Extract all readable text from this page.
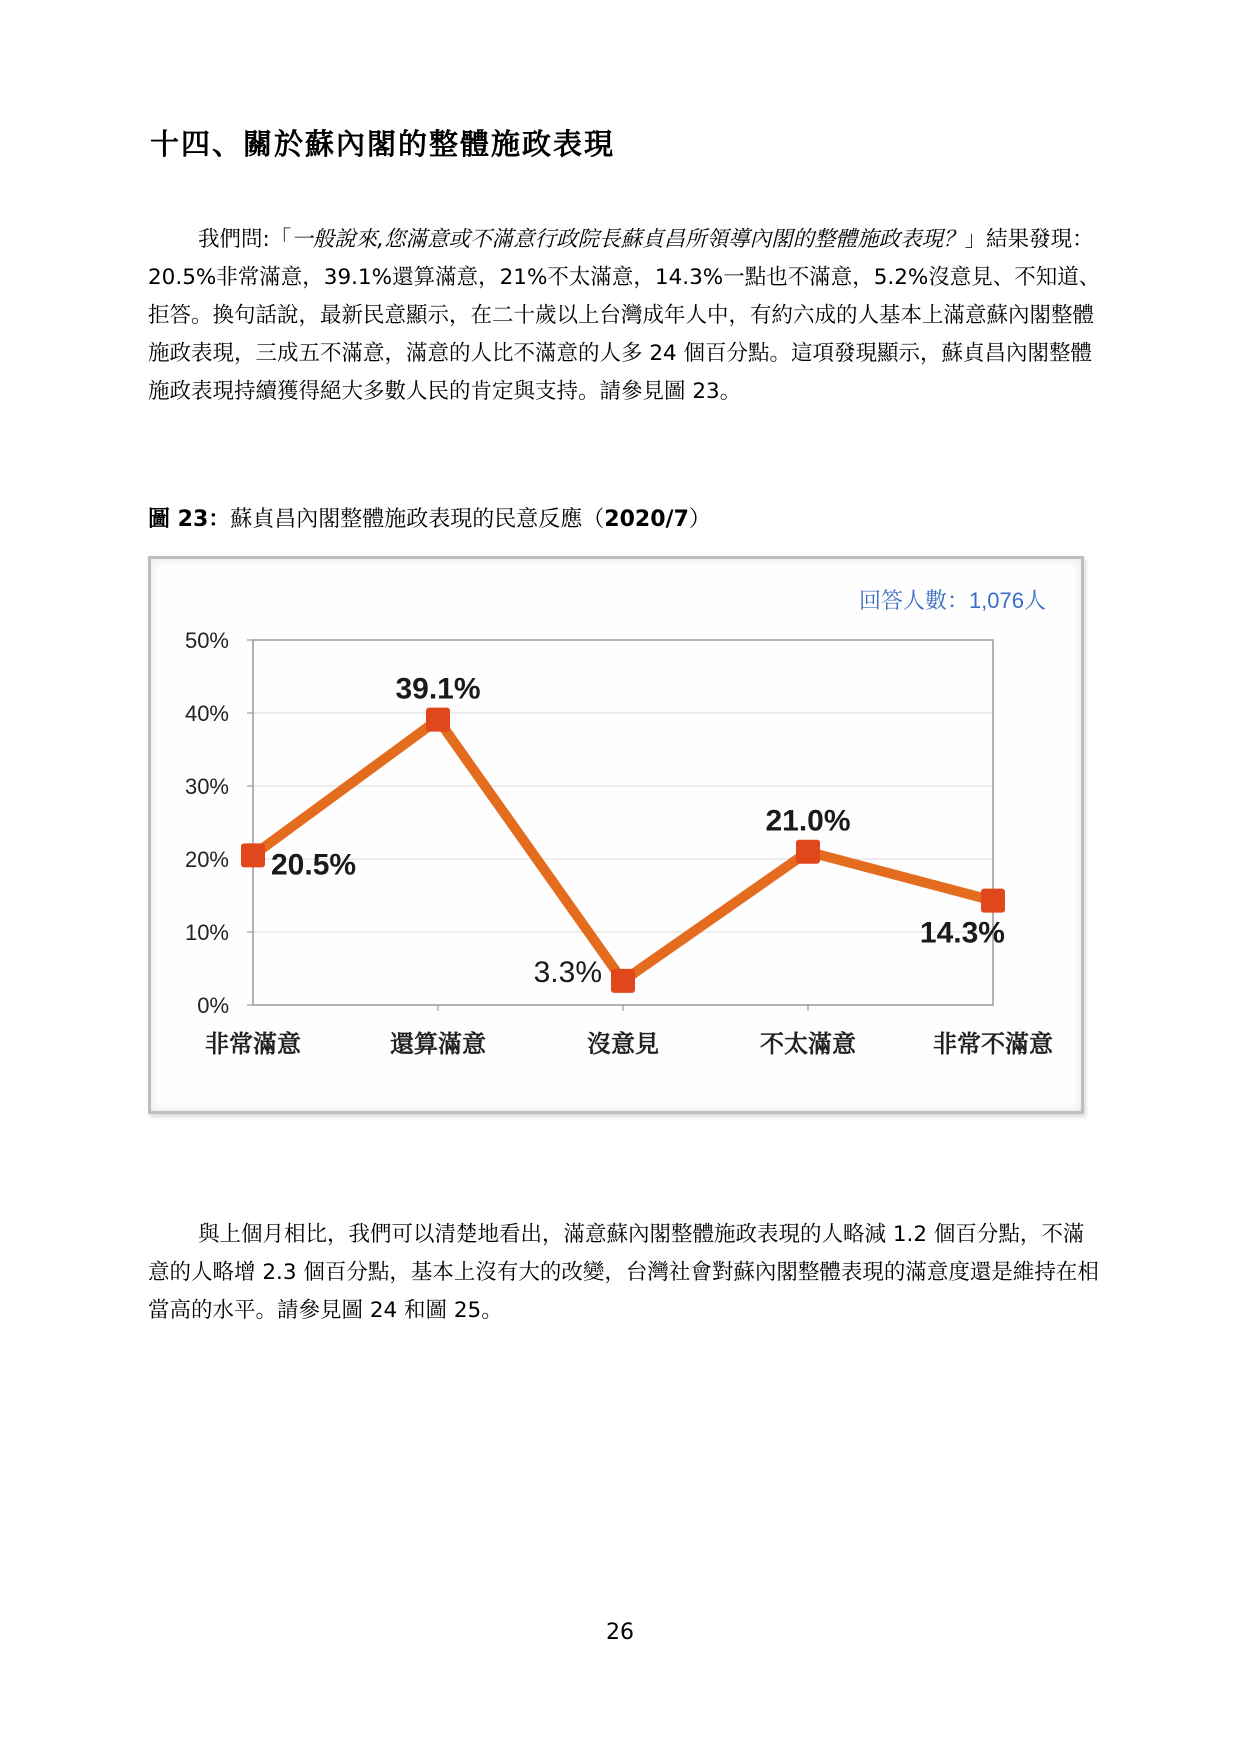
十四、關於蘇內閣的整體施政表現

我們問:「一般說來,您滿意或不滿意行政院長蘇貞昌所領導內閣的整體施政表現？」結果發現：20.5%非常滿意，39.1%還算滿意，21%不太滿意，14.3%一點也不滿意，5.2%沒意見、不知道、拒答。換句話說，最新民意顯示，在二十歲以上台灣成年人中，有約六成的人基本上滿意蘇內閣整體施政表現，三成五不滿意，滿意的人比不滿意的人多 24 個百分點。這項發現顯示，蘇貞昌內閣整體施政表現持續獲得絕大多數人民的肯定與支持。請參見圖 23。

圖 23：蘇貞昌內閣整體施政表現的民意反應（2020/7）

0%
10%
20%
30%
40%
50%
非常滿意	還算滿意	沒意見	不太滿意	非常不滿意
20.5%
39.1%
3.3%
21.0%
14.3%
回答人數：1,076人

與上個月相比，我們可以清楚地看出，滿意蘇內閣整體施政表現的人略減 1.2 個百分點，不滿意的人略增 2.3 個百分點，基本上沒有大的改變，台灣社會對蘇內閣整體表現的滿意度還是維持在相當高的水平。請參見圖 24 和圖 25。

26
